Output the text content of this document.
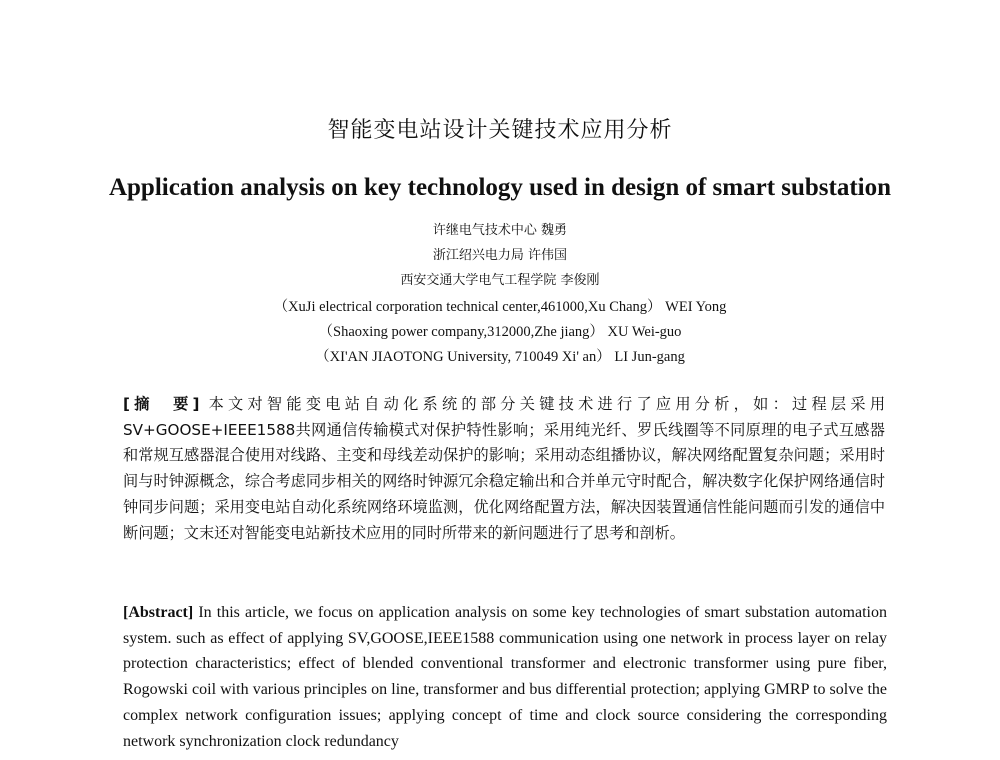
智能变电站设计关键技术应用分析
Application analysis on key technology used in design of smart substation
许继电气技术中心 魏勇
浙江绍兴电力局 许伟国
西安交通大学电气工程学院 李俊刚
（XuJi electrical corporation technical center,461000,Xu Chang） WEI Yong
（Shaoxing power company,312000,Zhe jiang） XU Wei-guo
（XI'AN JIAOTONG University, 710049 Xi' an） LI Jun-gang

[摘　要] 本文对智能变电站自动化系统的部分关键技术进行了应用分析，如：过程层采用SV+GOOSE+IEEE1588共网通信传输模式对保护特性影响；采用纯光纤、罗氏线圈等不同原理的电子式互感器和常规互感器混合使用对线路、主变和母线差动保护的影响；采用动态组播协议，解决网络配置复杂问题；采用时间与时钟源概念，综合考虑同步相关的网络时钟源冗余稳定输出和合并单元守时配合，解决数字化保护网络通信时钟同步问题；采用变电站自动化系统网络环境监测，优化网络配置方法，解决因装置通信性能问题而引发的通信中断问题；文末还对智能变电站新技术应用的同时所带来的新问题进行了思考和剖析。

[Abstract] In this article, we focus on application analysis on some key technologies of smart substation automation system. such as effect of applying SV,GOOSE,IEEE1588 communication using one network in process layer on relay protection characteristics; effect of blended conventional transformer and electronic transformer using pure fiber, Rogowski coil with various principles on line, transformer and bus differential protection; applying GMRP to solve the complex network configuration issues; applying concept of time and clock source considering the corresponding network synchronization clock redundancy
